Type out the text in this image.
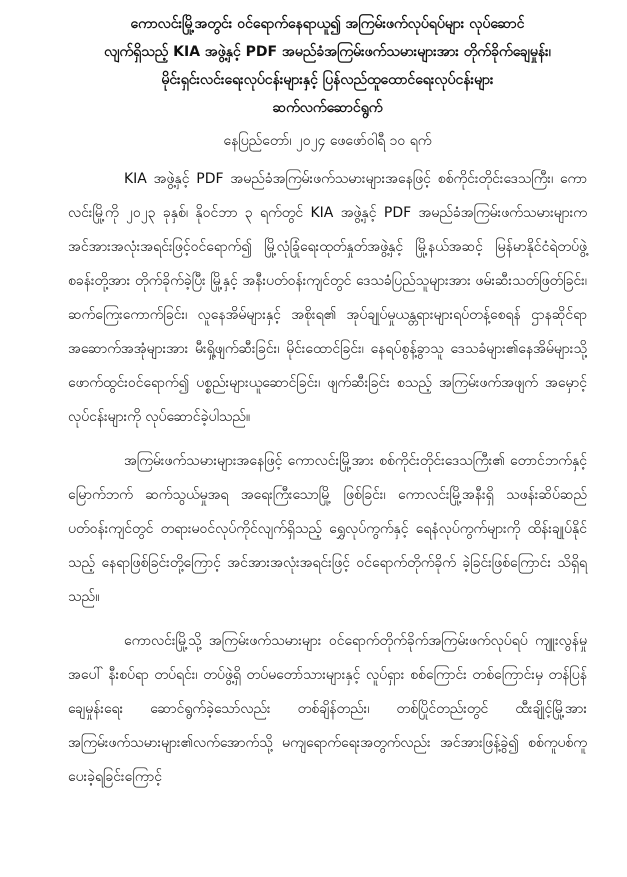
ကောလင်းမြို့အတွင်း ဝင်ရောက်နေရာယူ၍ အကြမ်းဖက်လုပ်ရပ်များ လုပ်ဆောင်
လျက်ရှိသည့် KIA အဖွဲ့နှင့် PDF အမည်ခံအကြမ်းဖက်သမားများအား တိုက်ခိုက်ချေမှုန်း၊
မိုင်းရှင်းလင်းရေးလုပ်ငန်းများနှင့် ပြန်လည်ထူထောင်ရေးလုပ်ငန်းများ
ဆက်လက်ဆောင်ရွက်
နေပြည်တော်၊ ၂၀၂၄ ဖေဖော်ဝါရီ ၁၀ ရက်

KIA အဖွဲ့နှင့် PDF အမည်ခံအကြမ်းဖက်သမားများအနေဖြင့် စစ်ကိုင်းတိုင်းဒေသကြီး၊ ကောလင်းမြို့ကို ၂၀၂၃ ခုနှစ်၊ နိုဝင်ဘာ ၃ ရက်တွင် KIA အဖွဲ့နှင့် PDF အမည်ခံအကြမ်းဖက်သမားများက အင်အားအလုံးအရင်းဖြင့်ဝင်ရောက်၍ မြို့လုံခြုံရေးထုတ်နှုတ်အဖွဲ့နှင့် မြို့နယ်အဆင့် မြန်မာနိုင်ငံရဲတပ်ဖွဲ့စခန်းတို့အား တိုက်ခိုက်ခဲ့ပြီး မြို့နှင့် အနီးပတ်ဝန်းကျင်တွင် ဒေသခံပြည်သူများအား ဖမ်းဆီးသတ်ဖြတ်ခြင်း၊ ဆက်ကြေးကောက်ခြင်း၊ လူနေအိမ်များနှင့် အစိုးရ၏ အုပ်ချုပ်မှုယန္တရားများရပ်တန့်စေရန် ဌာနဆိုင်ရာအဆောက်အအုံများအား မီးရှို့ဖျက်ဆီးခြင်း၊ မိုင်းထောင်ခြင်း၊ နေရပ်စွန့်ခွာသူ ဒေသခံများ၏နေအိမ်များသို့ ဖောက်ထွင်းဝင်ရောက်၍ ပစ္စည်းများယူဆောင်ခြင်း၊ ဖျက်ဆီးခြင်း စသည့် အကြမ်းဖက်အဖျက် အမှောင့်လုပ်ငန်းများကို လုပ်ဆောင်ခဲ့ပါသည်။

အကြမ်းဖက်သမားများအနေဖြင့် ကောလင်းမြို့အား စစ်ကိုင်းတိုင်းဒေသကြီး၏ တောင်ဘက်နှင့် မြောက်ဘက် ဆက်သွယ်မှုအရ အရေးကြီးသောမြို့ ဖြစ်ခြင်း၊ ကောလင်းမြို့အနီးရှိ သဖန်းဆိပ်ဆည်ပတ်ဝန်းကျင်တွင် တရားမဝင်လုပ်ကိုင်လျက်ရှိသည့် ရွှေလုပ်ကွက်နှင့် ရေနံလုပ်ကွက်များကို ထိန်းချုပ်နိုင်သည့် နေရာဖြစ်ခြင်းတို့ကြောင့် အင်အားအလုံးအရင်းဖြင့် ဝင်ရောက်တိုက်ခိုက် ခဲ့ခြင်းဖြစ်ကြောင်း သိရှိရသည်။

ကောလင်းမြို့သို့ အကြမ်းဖက်သမားများ ဝင်ရောက်တိုက်ခိုက်အကြမ်းဖက်လုပ်ရပ် ကျူးလွန်မှုအပေါ် နီးစပ်ရာ တပ်ရင်း၊ တပ်ဖွဲ့ရှိ တပ်မတော်သားများနှင့် လူပ်ရှား စစ်ကြောင်း တစ်ကြောင်းမှ တန်ပြန်ချေမှုန်းရေး ဆောင်ရွက်ခဲ့သော်လည်း တစ်ချိန်တည်း၊ တစ်ပြိုင်တည်းတွင် ထီးချိုင့်မြို့အား အကြမ်းဖက်သမားများ၏လက်အောက်သို့ မကျရောက်ရေးအတွက်လည်း အင်အားဖြန့်ခွဲ၍ စစ်ကူပစ်ကူပေးခဲ့ရခြင်းကြောင့်
